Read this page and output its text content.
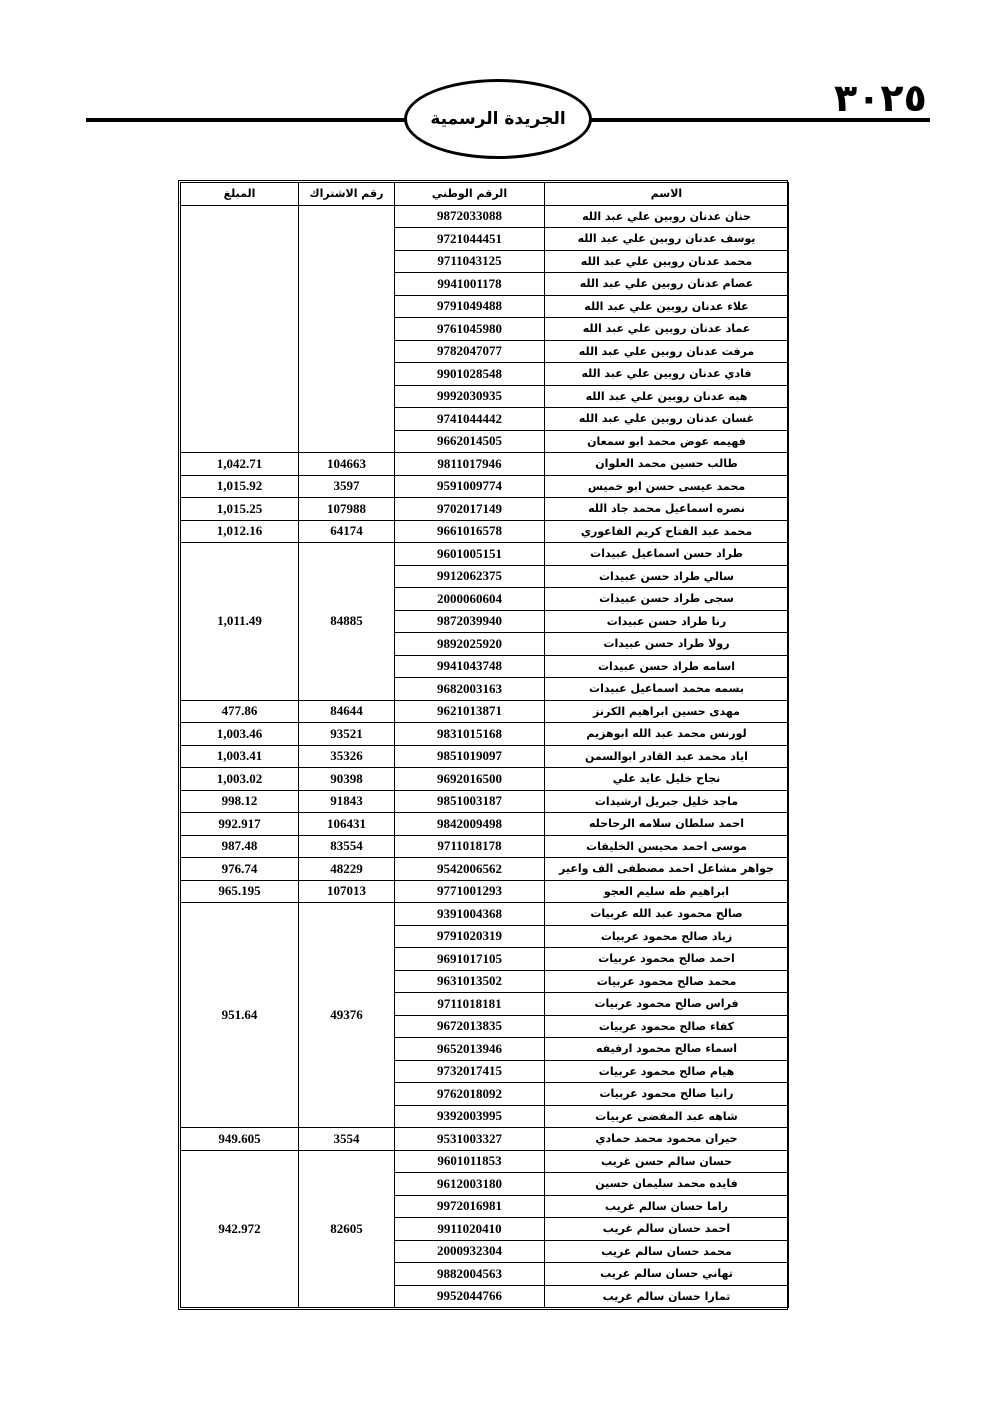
٣٠٢٥
الجريدة الرسمية
المبلغ	رقم الاشتراك	الرقم الوطني	الاسم
		9872033088	حنان عدنان روبين علي عبد الله
		9721044451	يوسف عدنان روبين علي عبد الله
		9711043125	محمد عدنان روبين علي عبد الله
		9941001178	عصام عدنان روبين علي عبد الله
		9791049488	علاء عدنان روبين علي عبد الله
		9761045980	عماد عدنان روبين علي عبد الله
		9782047077	مرفت عدنان روبين علي عبد الله
		9901028548	فادي عدنان روبين علي عبد الله
		9992030935	هبه عدنان روبين علي عبد الله
		9741044442	غسان عدنان روبين علي عبد الله
		9662014505	فهيمه عوض محمد ابو سمعان
1,042.71	104663	9811017946	طالب حسين محمد العلوان
1,015.92	3597	9591009774	محمد عيسى حسن ابو خميس
1,015.25	107988	9702017149	نصره اسماعيل محمد جاد الله
1,012.16	64174	9661016578	محمد عبد الفتاح كريم الفاعوري
1,011.49	84885	9601005151	طراد حسن اسماعيل عبيدات
		9912062375	سالي طراد حسن عبيدات
		2000060604	سجى طراد حسن عبيدات
		9872039940	رنا طراد حسن عبيدات
		9892025920	رولا طراد حسن عبيدات
		9941043748	اسامه طراد حسن عبيدات
		9682003163	بسمه محمد اسماعيل عبيدات
477.86	84644	9621013871	مهدى حسين ابراهيم الكرنز
1,003.46	93521	9831015168	لورنس محمد عبد الله ابوهزيم
1,003.41	35326	9851019097	اياد محمد عبد القادر ابوالسمن
1,003.02	90398	9692016500	نجاح خليل عايد علي
998.12	91843	9851003187	ماجد خليل جبريل ارشيدات
992.917	106431	9842009498	احمد سلطان سلامه الرحاحله
987.48	83554	9711018178	موسى احمد محيسن الخليفات
976.74	48229	9542006562	جواهر مشاعل احمد مصطفى الف واعير
965.195	107013	9771001293	ابراهيم طه سليم العجو
951.64	49376	9391004368	صالح محمود عبد الله عربيات
		9791020319	زياد صالح محمود عربيات
		9691017105	احمد صالح محمود عربيات
		9631013502	محمد صالح محمود عربيات
		9711018181	فراس صالح محمود عربيات
		9672013835	كفاء صالح محمود عربيات
		9652013946	اسماء صالح محمود ارفيفه
		9732017415	هيام صالح محمود عربيات
		9762018092	رانيا صالح محمود عربيات
		9392003995	شاهه عبد المفضى عربيات
949.605	3554	9531003327	حيران محمود محمد حمادي
942.972	82605	9601011853	حسان سالم حسن غريب
		9612003180	فايده محمد سليمان حسين
		9972016981	راما حسان سالم غريب
		9911020410	احمد حسان سالم غريب
		2000932304	محمد حسان سالم غريب
		9882004563	تهاني حسان سالم غريب
		9952044766	تمارا حسان سالم غريب
